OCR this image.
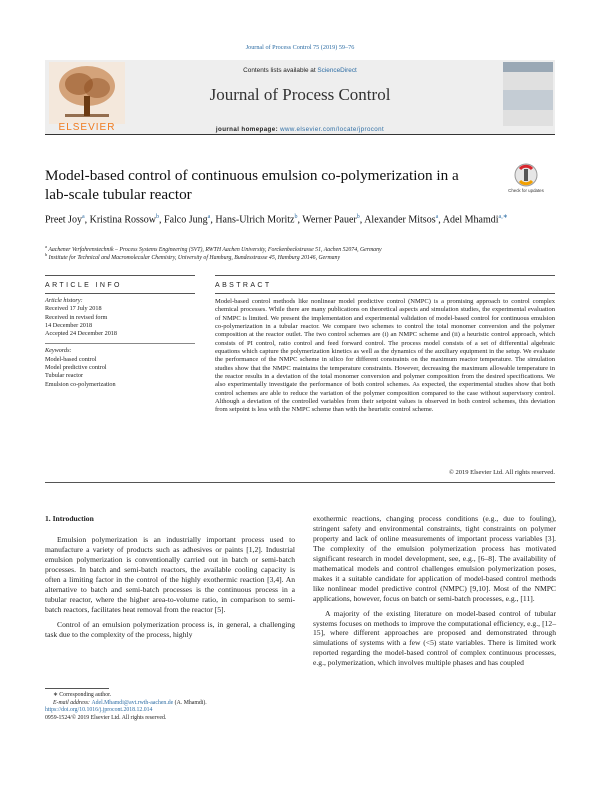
Journal of Process Control 75 (2019) 59–76
ELSEVIER
Contents lists available at ScienceDirect
Journal of Process Control
journal homepage: www.elsevier.com/locate/jprocont
Model-based control of continuous emulsion co-polymerization in a
lab-scale tubular reactor	Check for updates
Preet Joy$^a$, Kristina Rossow$^b$, Falco Jung$^a$, Hans-Ulrich Moritz$^b$, Werner Pauer$^b$, Alexander Mitsos$^a$, Adel Mhamdi$^{a,∗}$
$^a$ Aachener Verfahrenstechnik – Process Systems Engineering (SVT), RWTH Aachen University, Forckenbeckstrasse 51, Aachen 52074, Germany
$^b$ Institute for Technical and Macromolecular Chemistry, University of Hamburg, Bundesstrasse 45, Hamburg 20146, Germany
ARTICLE INFO	ABSTRACT
Article history:
Received 17 July 2018
Received in revised form
14 December 2018
Accepted 24 December 2018
Keywords:
Model-based control
Model predictive control
Tubular reactor
Emulsion co-polymerization
Model-based control methods like nonlinear model predictive control (NMPC) is a promising approach to control complex chemical processes. While there are many publications on theoretical aspects and simulation studies, the experimental evaluation of NMPC is limited. We present the implementation and experimental validation of model-based control for continuous emulsion co-polymerization in a tubular reactor. We compare two schemes to control the total monomer conversion and the polymer composition at the reactor outlet. The two control schemes are (i) an NMPC scheme and (ii) a heuristic control approach, which consists of PI control, ratio control and feed forward control. The process model consists of a set of differential algebraic equations which capture the polymerization kinetics as well as the dynamics of the auxiliary equipment in the setup. We evaluate the performance of the NMPC scheme in silico for different constraints on the maximum reactor temperature. The simulation studies show that the NMPC maintains the temperature constraints. However, decreasing the maximum allowable temperature in the reactor results in a deviation of the total monomer conversion and polymer composition from the desired specifications. We also experimentally investigate the performance of both control schemes. As expected, the experimental studies show that both control schemes are able to reduce the variation of the polymer composition compared to the case without supervisory control. Although a deviation of the controlled variables from their setpoint values is observed in both control schemes, this deviation from setpoint is less with the NMPC scheme than with the heuristic control scheme.
© 2019 Elsevier Ltd. All rights reserved.

1. Introduction

Emulsion polymerization is an industrially important process used to manufacture a variety of products such as adhesives or paints [1,2]. Industrial emulsion polymerization is conventionally carried out in batch or semi-batch processes. In batch and semi-batch reactors, the available cooling capacity is often a limiting factor in the control of the highly exothermic reaction [3,4]. An alternative to batch and semi-batch processes is the continuous process in a tubular reactor, where the higher area-to-volume ratio, in comparison to semi-batch reactors, facilitates heat removal from the reactor [5].

Control of an emulsion polymerization process is, in general, a challenging task due to the complexity of the process, highly

exothermic reactions, changing process conditions (e.g., due to fouling), stringent safety and environmental constraints, tight constraints on polymer property and lack of online measurements of important process variables [3]. The complexity of the emulsion polymerization process has motivated significant research in model development, see, e.g., [6–8]. The availability of mathematical models and control challenges emulsion polymerization poses, makes it a suitable candidate for application of model-based control methods like nonlinear model predictive control (NMPC) [9,10]. Most of the NMPC applications, however, focus on batch or semi-batch processes, e.g., [11].

A majority of the existing literature on model-based control of tubular systems focuses on methods to improve the computational efficiency, e.g., [12–15], where different approaches are proposed and demonstrated through simulations of systems with a few (<5) state variables. There is limited work reported regarding the model-based control of complex continuous processes, e.g., polymerization, which involves multiple phases and has coupled

∗ Corresponding author.
E-mail address: Adel.Mhamdi@avt.rwth-aachen.de (A. Mhamdi).
https://doi.org/10.1016/j.jprocont.2018.12.014
0959-1524/© 2019 Elsevier Ltd. All rights reserved.
